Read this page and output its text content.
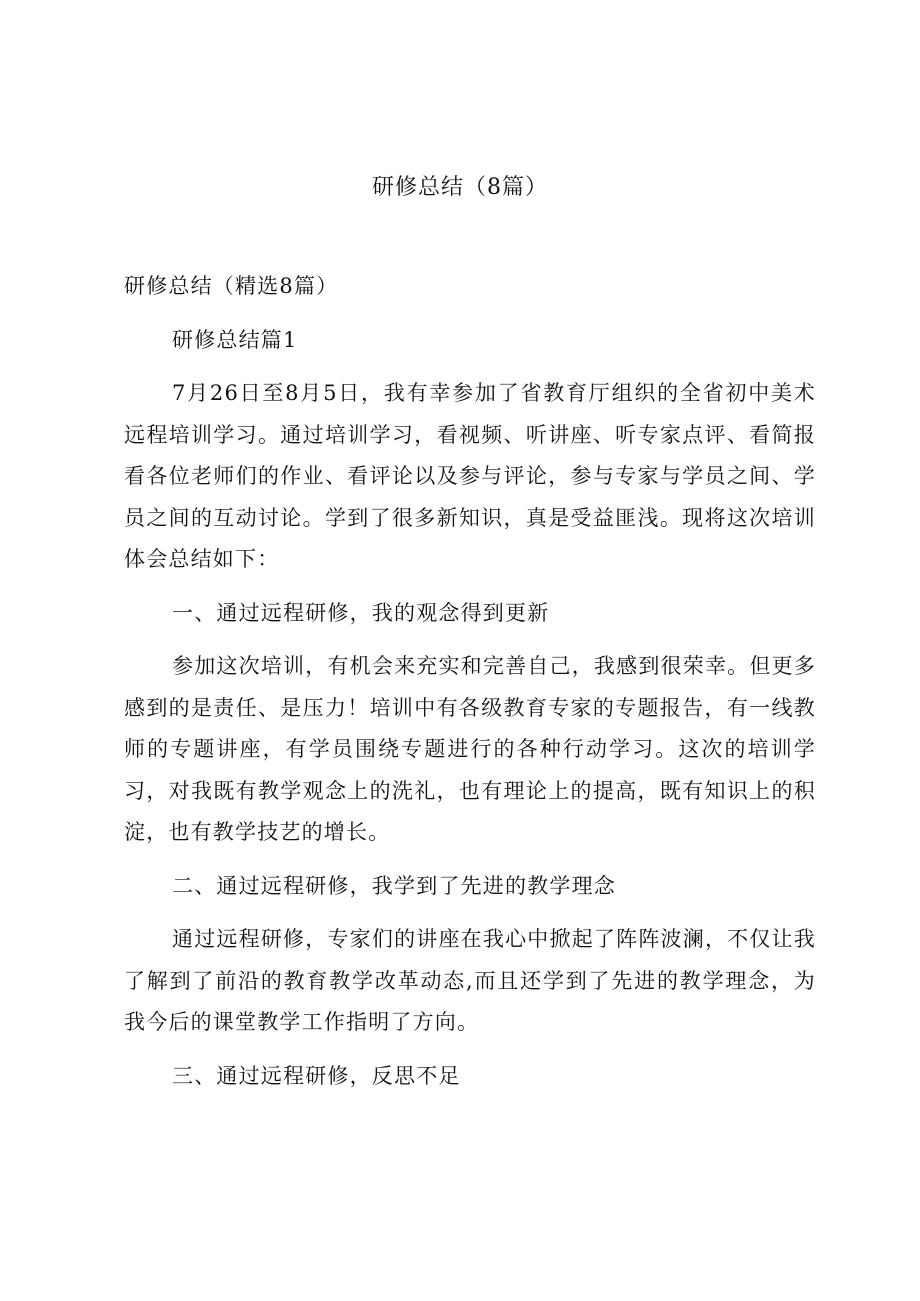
研修总结（8篇）

研修总结（精选8篇）

研修总结篇1

7月26日至8月5日，我有幸参加了省教育厅组织的全省初中美术远程培训学习。通过培训学习，看视频、听讲座、听专家点评、看简报看各位老师们的作业、看评论以及参与评论，参与专家与学员之间、学员之间的互动讨论。学到了很多新知识，真是受益匪浅。现将这次培训体会总结如下：

一、通过远程研修，我的观念得到更新

参加这次培训，有机会来充实和完善自己，我感到很荣幸。但更多感到的是责任、是压力！培训中有各级教育专家的专题报告，有一线教师的专题讲座，有学员围绕专题进行的各种行动学习。这次的培训学习，对我既有教学观念上的洗礼，也有理论上的提高，既有知识上的积淀，也有教学技艺的增长。

二、通过远程研修，我学到了先进的教学理念

通过远程研修，专家们的讲座在我心中掀起了阵阵波澜，不仅让我了解到了前沿的教育教学改革动态,而且还学到了先进的教学理念，为我今后的课堂教学工作指明了方向。

三、通过远程研修，反思不足
